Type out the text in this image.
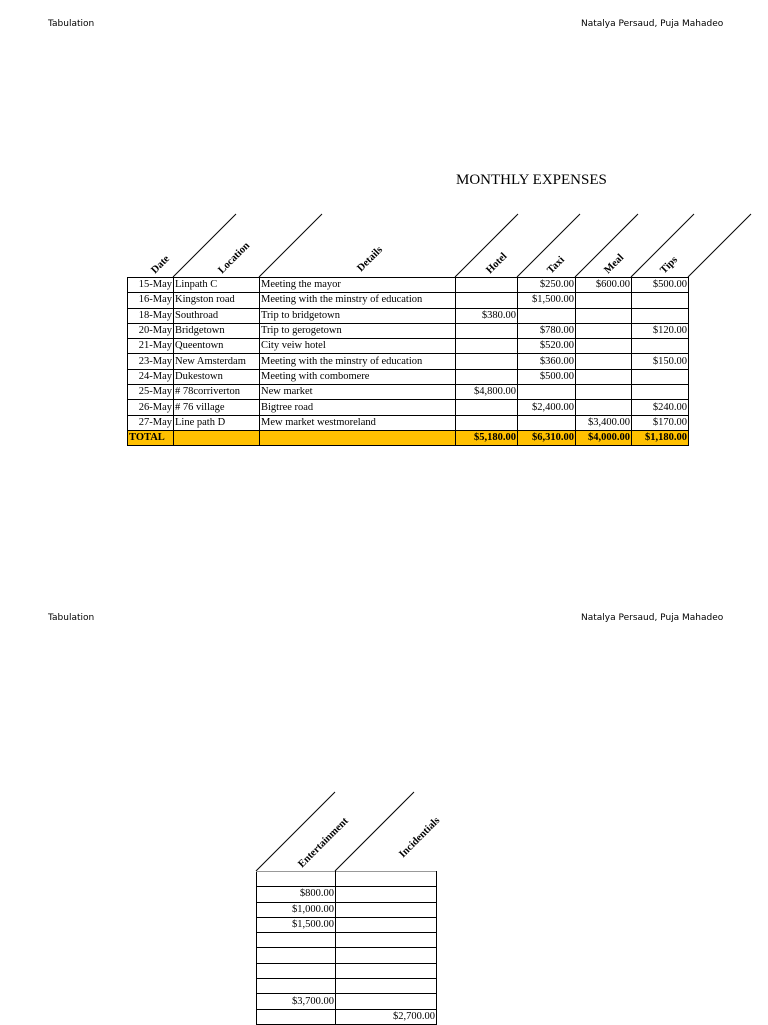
Tabulation	Natalya Persaud, Puja Mahadeo
MONTHLY EXPENSES
Date	Location	Details	Hotel	Taxi	Meal	Tips
15-May	Linpath C	Meeting the mayor		$250.00	$600.00	$500.00
16-May	Kingston road	Meeting with the minstry of education		$1,500.00		
18-May	Southroad	Trip to bridgetown	$380.00			
20-May	Bridgetown	Trip to gerogetown		$780.00		$120.00
21-May	Queentown	City veiw hotel		$520.00		
23-May	New Amsterdam	Meeting with the minstry of education		$360.00		$150.00
24-May	Dukestown	Meeting with combomere		$500.00		
25-May	# 78corriverton	New market	$4,800.00			
26-May	# 76 village	Bigtree road		$2,400.00		$240.00
27-May	Line path D	Mew market westmoreland			$3,400.00	$170.00
TOTAL			$5,180.00	$6,310.00	$4,000.00	$1,180.00
Tabulation	Natalya Persaud, Puja Mahadeo
Entertainment	Incidentials

$800.00	
$1,000.00	
$1,500.00	

$3,700.00	
	$2,700.00
